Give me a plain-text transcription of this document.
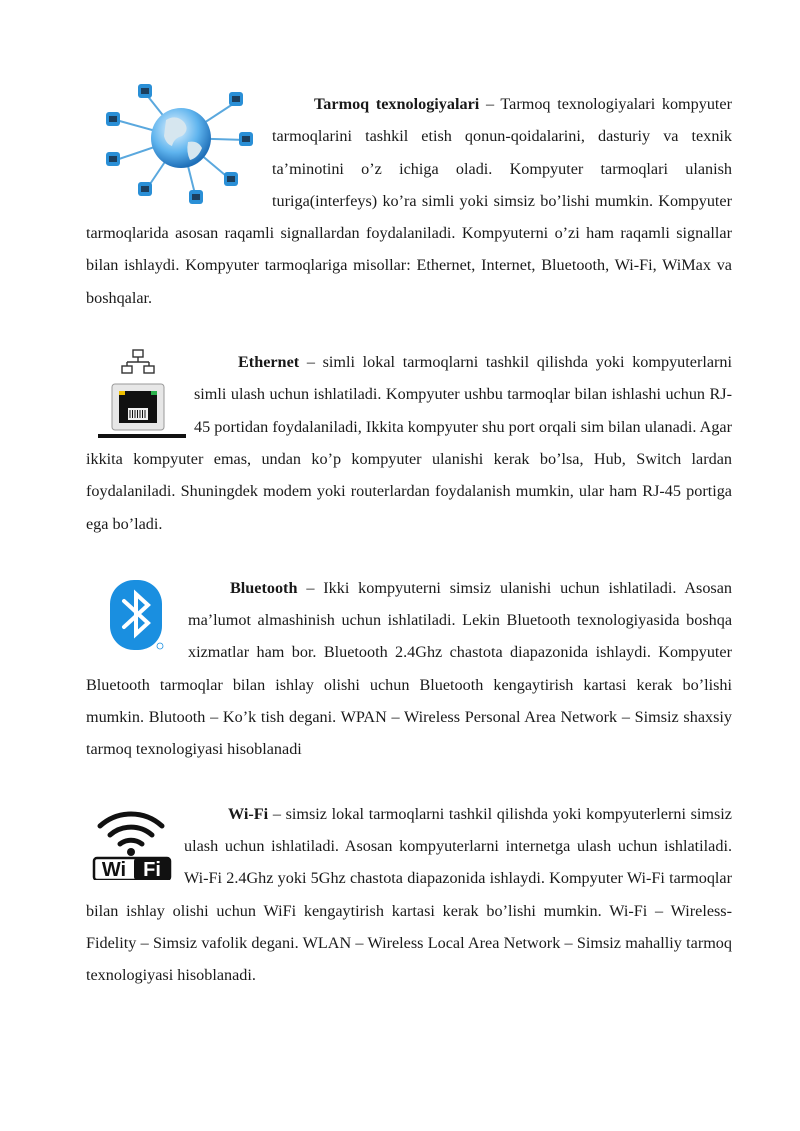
Tarmoq texnologiyalari – Tarmoq texnologiyalari kompyuter tarmoqlarini tashkil etish qonun-qoidalarini, dasturiy va texnik ta’minotini o’z ichiga oladi. Kompyuter tarmoqlari ulanish turiga(interfeys) ko’ra simli yoki simsiz bo’lishi mumkin. Kompyuter tarmoqlarida asosan raqamli signallardan foydalaniladi. Kompyuterni o’zi ham raqamli signallar bilan ishlaydi. Kompyuter tarmoqlariga misollar: Ethernet, Internet, Bluetooth, Wi-Fi, WiMax va boshqalar.

Ethernet – simli lokal tarmoqlarni tashkil qilishda yoki kompyuterlarni simli ulash uchun ishlatiladi. Kompyuter ushbu tarmoqlar bilan ishlashi uchun RJ-45 portidan foydalaniladi, Ikkita kompyuter shu port orqali sim bilan ulanadi. Agar ikkita kompyuter emas, undan ko’p kompyuter ulanishi kerak bo’lsa, Hub, Switch lardan foydalaniladi. Shuningdek modem yoki routerlardan foydalanish mumkin, ular ham RJ-45 portiga ega bo’ladi.

Bluetooth – Ikki kompyuterni simsiz ulanishi uchun ishlatiladi. Asosan ma’lumot almashinish uchun ishlatiladi. Lekin Bluetooth texnologiyasida boshqa xizmatlar ham bor. Bluetooth 2.4Ghz chastota diapazonida ishlaydi. Kompyuter Bluetooth tarmoqlar bilan ishlay olishi uchun Bluetooth kengaytirish kartasi kerak bo’lishi mumkin. Blutooth – Ko’k tish degani. WPAN – Wireless Personal Area Network – Simsiz shaxsiy tarmoq texnologiyasi hisoblanadi

Wi Fi

Wi-Fi – simsiz lokal tarmoqlarni tashkil qilishda yoki kompyuterlerni simsiz ulash uchun ishlatiladi. Asosan kompyuterlarni internetga ulash uchun ishlatiladi. Wi-Fi 2.4Ghz yoki 5Ghz chastota diapazonida ishlaydi. Kompyuter Wi-Fi tarmoqlar bilan ishlay olishi uchun WiFi kengaytirish kartasi kerak bo’lishi mumkin. Wi-Fi – Wireless-Fidelity – Simsiz vafolik degani. WLAN – Wireless Local Area Network – Simsiz mahalliy tarmoq texnologiyasi hisoblanadi.
